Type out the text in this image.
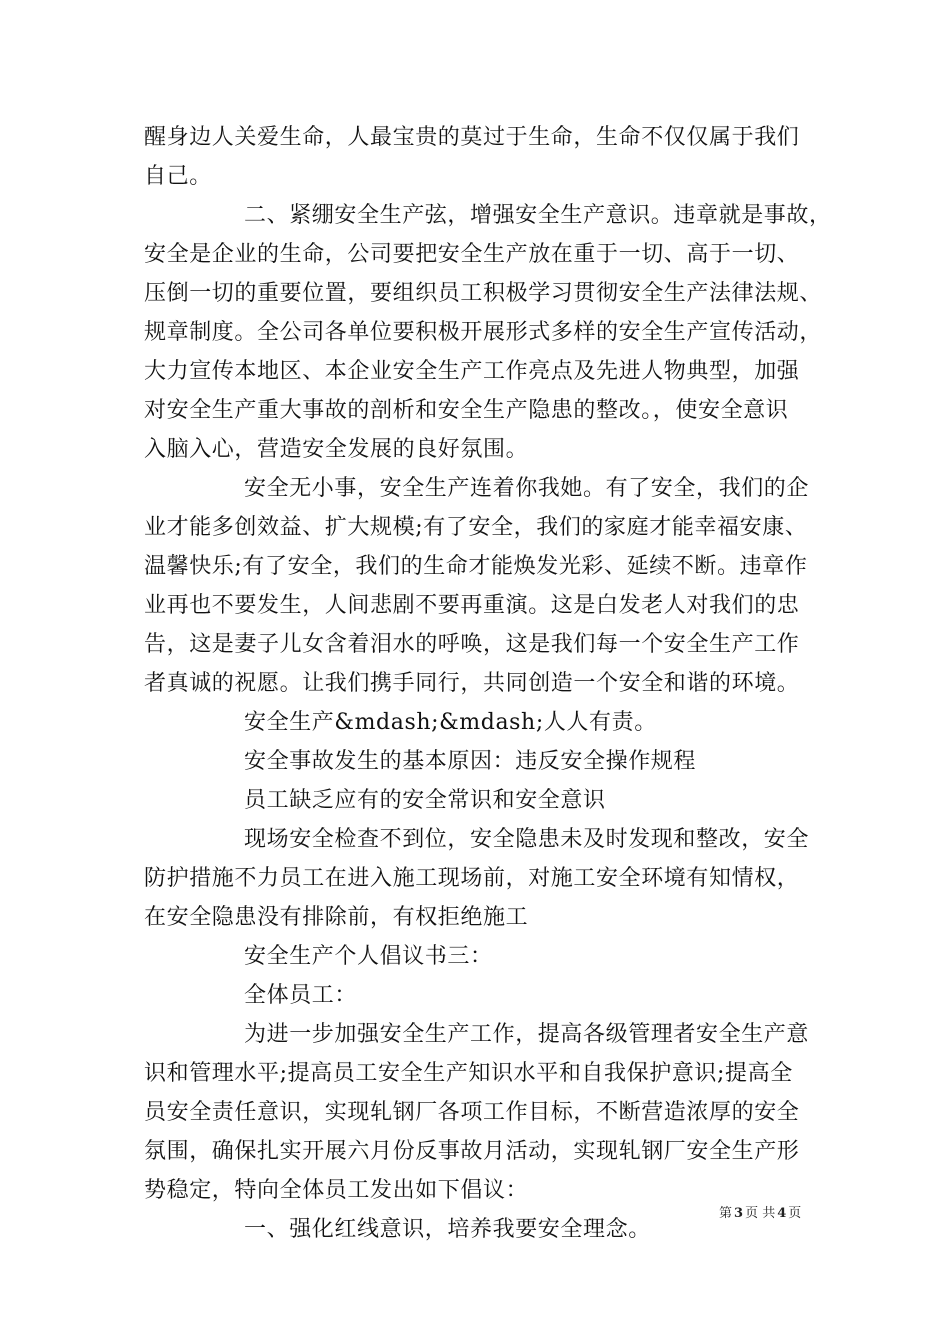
醒身边人关爱生命，人最宝贵的莫过于生命，生命不仅仅属于我们
自己。
二、紧绷安全生产弦，增强安全生产意识。违章就是事故，
安全是企业的生命，公司要把安全生产放在重于一切、高于一切、
压倒一切的重要位置，要组织员工积极学习贯彻安全生产法律法规、
规章制度。全公司各单位要积极开展形式多样的安全生产宣传活动，
大力宣传本地区、本企业安全生产工作亮点及先进人物典型，加强
对安全生产重大事故的剖析和安全生产隐患的整改。，使安全意识
入脑入心，营造安全发展的良好氛围。
安全无小事，安全生产连着你我她。有了安全，我们的企
业才能多创效益、扩大规模;有了安全，我们的家庭才能幸福安康、
温馨快乐;有了安全，我们的生命才能焕发光彩、延续不断。违章作
业再也不要发生，人间悲剧不要再重演。这是白发老人对我们的忠
告，这是妻子儿女含着泪水的呼唤，这是我们每一个安全生产工作
者真诚的祝愿。让我们携手同行，共同创造一个安全和谐的环境。
安全生产&mdash;&mdash;人人有责。
安全事故发生的基本原因：违反安全操作规程
员工缺乏应有的安全常识和安全意识
现场安全检查不到位，安全隐患未及时发现和整改，安全
防护措施不力员工在进入施工现场前，对施工安全环境有知情权，
在安全隐患没有排除前，有权拒绝施工
安全生产个人倡议书三：
全体员工：
为进一步加强安全生产工作，提高各级管理者安全生产意
识和管理水平;提高员工安全生产知识水平和自我保护意识;提高全
员安全责任意识，实现轧钢厂各项工作目标，不断营造浓厚的安全
氛围，确保扎实开展六月份反事故月活动，实现轧钢厂安全生产形
势稳定，特向全体员工发出如下倡议：
一、强化红线意识，培养我要安全理念。
第 3 页 共 4 页
